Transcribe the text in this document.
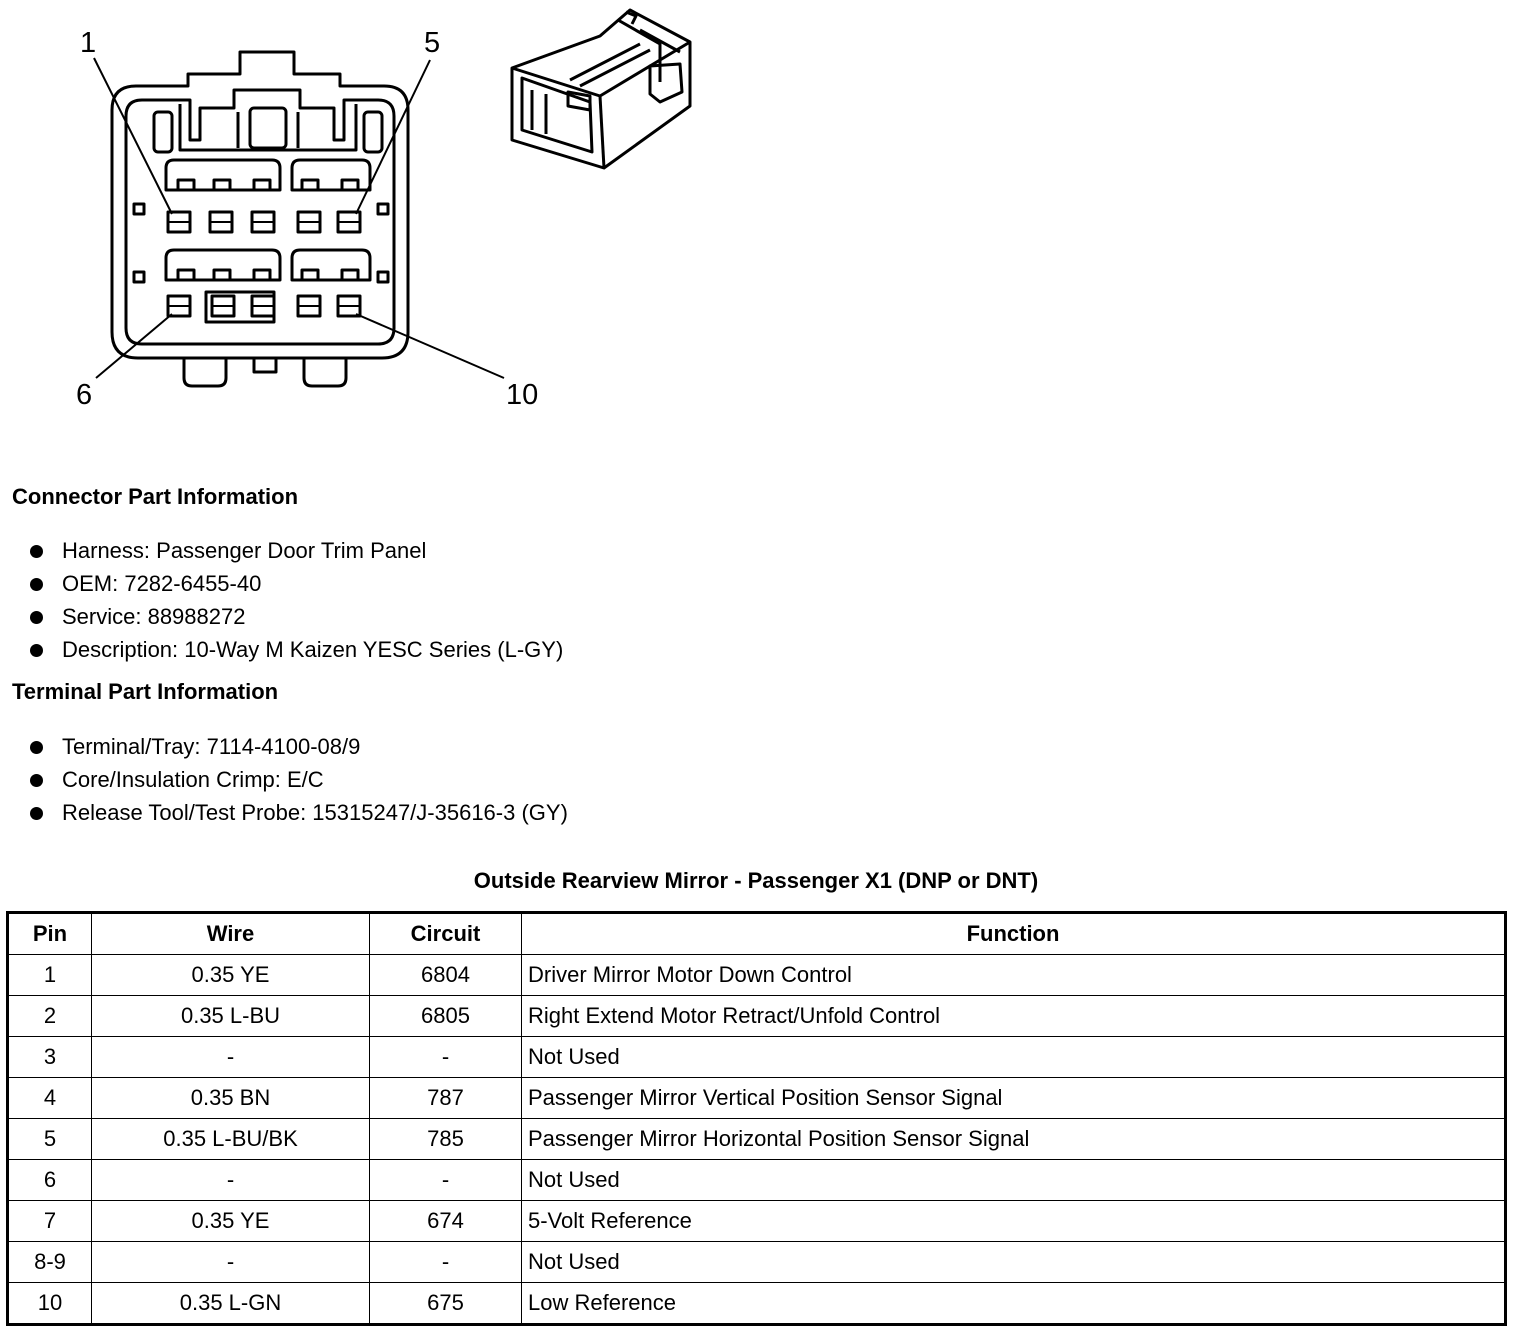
1	5
6	10
Connector Part Information
Harness: Passenger Door Trim Panel
OEM: 7282-6455-40
Service: 88988272
Description: 10-Way M Kaizen YESC Series (L-GY)
Terminal Part Information
Terminal/Tray: 7114-4100-08/9
Core/Insulation Crimp: E/C
Release Tool/Test Probe: 15315247/J-35616-3 (GY)
Outside Rearview Mirror - Passenger X1 (DNP or DNT)
Pin	Wire	Circuit	Function
1	0.35 YE	6804	Driver Mirror Motor Down Control
2	0.35 L-BU	6805	Right Extend Motor Retract/Unfold Control
3	-	-	Not Used
4	0.35 BN	787	Passenger Mirror Vertical Position Sensor Signal
5	0.35 L-BU/BK	785	Passenger Mirror Horizontal Position Sensor Signal
6	-	-	Not Used
7	0.35 YE	674	5-Volt Reference
8-9	-	-	Not Used
10	0.35 L-GN	675	Low Reference
